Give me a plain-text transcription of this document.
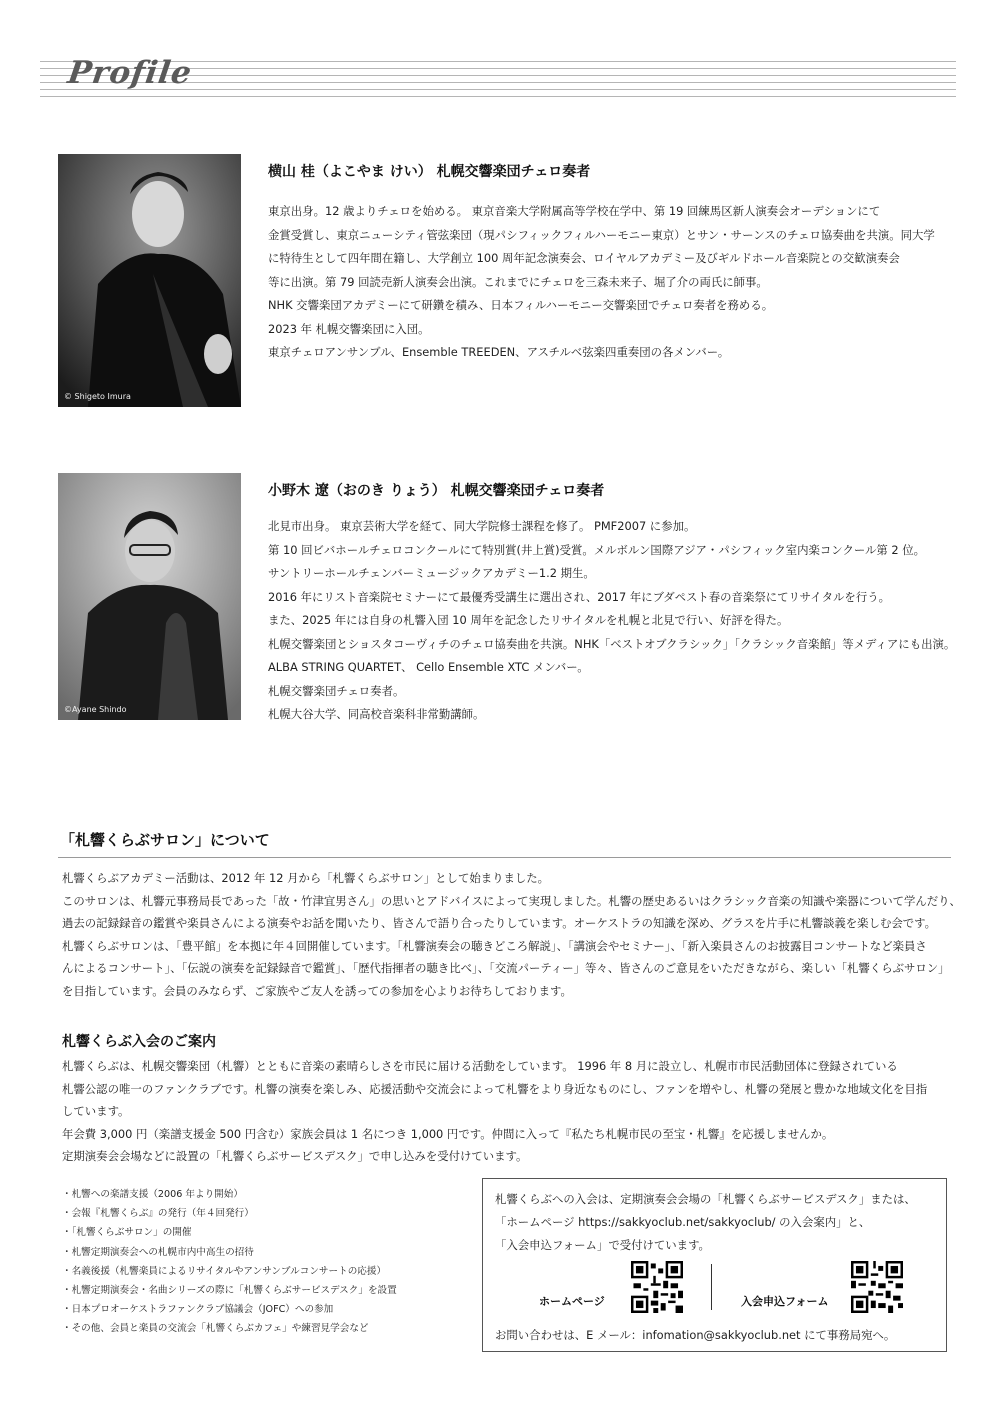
Profile
© Shigeto Imura
横山 桂（よこやま けい） 札幌交響楽団チェロ奏者

東京出身。12 歳よりチェロを始める。 東京音楽大学附属高等学校在学中、第 19 回練馬区新人演奏会オーデションにて

金賞受賞し、東京ニューシティ管弦楽団（現パシフィックフィルハーモニー東京）とサン・サーンスのチェロ協奏曲を共演。同大学

に特待生として四年間在籍し、大学創立 100 周年記念演奏会、ロイヤルアカデミー及びギルドホール音楽院との交歓演奏会

等に出演。第 79 回読売新人演奏会出演。これまでにチェロを三森未来子、堀了介の両氏に師事。

NHK 交響楽団アカデミーにて研鑽を積み、日本フィルハーモニー交響楽団でチェロ奏者を務める。

2023 年 札幌交響楽団に入団。

東京チェロアンサンブル、Ensemble TREEDEN、アスチルベ弦楽四重奏団の各メンバー。

©Ayane Shindo
小野木 遼（おのき りょう） 札幌交響楽団チェロ奏者

北見市出身。 東京芸術大学を経て、同大学院修士課程を修了。 PMF2007 に参加。

第 10 回ビバホールチェロコンクールにて特別賞(井上賞)受賞。メルボルン国際アジア・パシフィック室内楽コンクール第 2 位。

サントリーホールチェンバーミュージックアカデミー1.2 期生。

2016 年にリスト音楽院セミナーにて最優秀受講生に選出され、2017 年にブダペスト春の音楽祭にてリサイタルを行う。

また、2025 年には自身の札響入団 10 周年を記念したリサイタルを札幌と北見で行い、好評を得た。

札幌交響楽団とショスタコーヴィチのチェロ協奏曲を共演。NHK「ベストオブクラシック」「クラシック音楽館」等メディアにも出演。

ALBA STRING QUARTET、 Cello Ensemble XTC メンバー。

札幌交響楽団チェロ奏者。

札幌大谷大学、同高校音楽科非常勤講師。

「札響くらぶサロン」について

札響くらぶアカデミー活動は、2012 年 12 月から「札響くらぶサロン」として始まりました。

このサロンは、札響元事務局長であった「故・竹津宜男さん」の思いとアドバイスによって実現しました。札響の歴史あるいはクラシック音楽の知識や楽器について学んだり、

過去の記録録音の鑑賞や楽員さんによる演奏やお話を聞いたり、皆さんで語り合ったりしています。オーケストラの知識を深め、グラスを片手に札響談義を楽しむ会です。

札響くらぶサロンは、「豊平館」を本拠に年４回開催しています。「札響演奏会の聴きどころ解説」、「講演会やセミナー」、「新入楽員さんのお披露目コンサートなど楽員さ

んによるコンサート」、「伝説の演奏を記録録音で鑑賞」、「歴代指揮者の聴き比べ」、「交流パーティー」等々、皆さんのご意見をいただきながら、楽しい「札響くらぶサロン」

を目指しています。会員のみならず、ご家族やご友人を誘っての参加を心よりお待ちしております。

札響くらぶ入会のご案内

札響くらぶは、札幌交響楽団（札響）とともに音楽の素晴らしさを市民に届ける活動をしています。 1996 年 8 月に設立し、札幌市市民活動団体に登録されている

札響公認の唯一のファンクラブです。札響の演奏を楽しみ、応援活動や交流会によって札響をより身近なものにし、ファンを増やし、札響の発展と豊かな地域文化を目指

しています。

年会費 3,000 円（楽譜支援金 500 円含む）家族会員は 1 名につき 1,000 円です。仲間に入って『私たち札幌市民の至宝・札響』を応援しませんか。

定期演奏会会場などに設置の「札響くらぶサービスデスク」で申し込みを受付けています。

・札響への楽譜支援（2006 年より開始）
・会報『札響くらぶ』の発行（年４回発行）
・「札響くらぶサロン」の開催
・札響定期演奏会への札幌市内中高生の招待
・名義後援（札響楽員によるリサイタルやアンサンブルコンサートの応援）
・札響定期演奏会・名曲シリーズの際に「札響くらぶサービスデスク」を設置
・日本プロオーケストラファンクラブ協議会（JOFC）への参加
・その他、会員と楽員の交流会「札響くらぶカフェ」や練習見学会など
札響くらぶへの入会は、定期演奏会会場の「札響くらぶサービスデスク」または、
「ホームページ https://sakkyoclub.net/sakkyoclub/ の入会案内」と、
「入会申込フォーム」で受付けています。
ホームページ	入会申込フォーム
お問い合わせは、E メール：infomation@sakkyoclub.net にて事務局宛へ。
